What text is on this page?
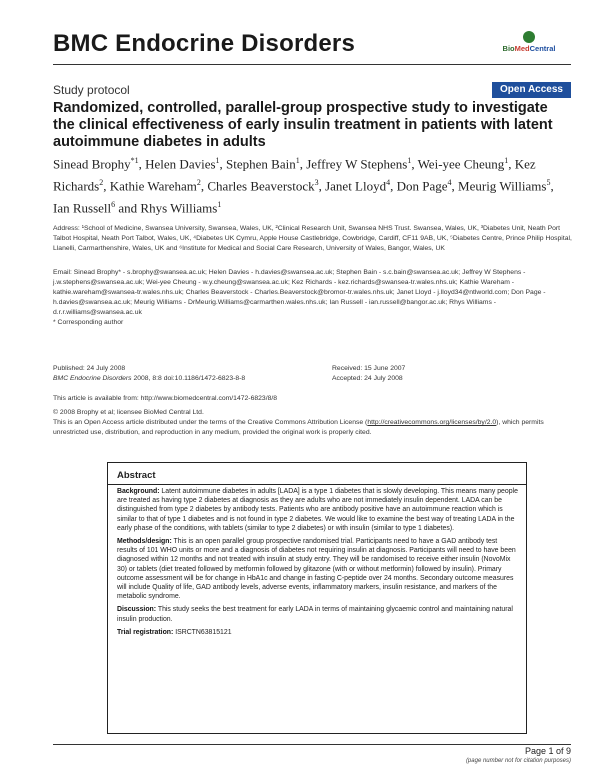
BMC Endocrine Disorders	BioMedCentral
Study protocol	Open Access
Randomized, controlled, parallel-group prospective study to investigate the clinical effectiveness of early insulin treatment in patients with latent autoimmune diabetes in adults
Sinead Brophy$^{*1}$, Helen Davies$^1$, Stephen Bain$^1$, Jeffrey W Stephens$^1$, Wei-yee Cheung$^1$, Kez Richards$^2$, Kathie Wareham$^2$, Charles Beaverstock$^3$, Janet Lloyd$^4$, Don Page$^4$, Meurig Williams$^5$, Ian Russell$^6$ and Rhys Williams$^1$
Address: ¹School of Medicine, Swansea University, Swansea, Wales, UK, ²Clinical Research Unit, Swansea NHS Trust. Swansea, Wales, UK, ³Diabetes Unit, Neath Port Talbot Hospital, Neath Port Talbot, Wales, UK, ⁴Diabetes UK Cymru, Apple House Castlebridge, Cowbridge, Cardiff, CF11 9AB, UK, ⁵Diabetes Centre, Prince Philip Hospital, Llanelli, Carmarthenshire, Wales, UK and ⁶Institute for Medical and Social Care Research, University of Wales, Bangor, Wales, UK
Email: Sinead Brophy* - s.brophy@swansea.ac.uk; Helen Davies - h.davies@swansea.ac.uk; Stephen Bain - s.c.bain@swansea.ac.uk; Jeffrey W Stephens - j.w.stephens@swansea.ac.uk; Wei-yee Cheung - w.y.cheung@swansea.ac.uk; Kez Richards - kez.richards@swansea-tr.wales.nhs.uk; Kathie Wareham - kathie.wareham@swansea-tr.wales.nhs.uk; Charles Beaverstock - Charles.Beaverstock@bromor-tr.wales.nhs.uk; Janet Lloyd - j.lloyd34@ntlworld.com; Don Page - h.davies@swansea.ac.uk; Meurig Williams - DrMeurig.Williams@carmarthen.wales.nhs.uk; Ian Russell - ian.russell@bangor.ac.uk; Rhys Williams - d.r.r.williams@swansea.ac.uk
* Corresponding author
Published: 24 July 2008
BMC Endocrine Disorders 2008, 8:8 doi:10.1186/1472-6823-8-8
Received: 15 June 2007
Accepted: 24 July 2008
This article is available from: http://www.biomedcentral.com/1472-6823/8/8
© 2008 Brophy et al; licensee BioMed Central Ltd.
This is an Open Access article distributed under the terms of the Creative Commons Attribution License (http://creativecommons.org/licenses/by/2.0), which permits unrestricted use, distribution, and reproduction in any medium, provided the original work is properly cited.
Abstract

Background: Latent autoimmune diabetes in adults [LADA] is a type 1 diabetes that is slowly developing. This means many people are treated as having type 2 diabetes at diagnosis as they are adults who are not immediately insulin dependent. LADA can be distinguished from type 2 diabetes by antibody tests. Patients who are antibody positive have an autoimmune reaction which is similar to that of type 1 diabetes and is not found in type 2 diabetes. We would like to examine the best way of treating LADA in the early phase of the conditions, with tablets (similar to type 2 diabetes) or with insulin (similar to type 1 diabetes).

Methods/design: This is an open parallel group prospective randomised trial. Participants need to have a GAD antibody test results of 101 WHO units or more and a diagnosis of diabetes not requiring insulin at diagnosis. Participants will need to have been diagnosed within 12 months and not treated with insulin at study entry. They will be randomised to receive either insulin (NovoMix 30) or tablets (diet treated followed by metformin followed by glitazone (with or without metformin) followed by insulin). Primary outcome assessment will be for change in HbA1c and change in fasting C-peptide over 24 months. Secondary outcome measures will include Quality of life, GAD antibody levels, adverse events, inflammatory markers, insulin resistance, and markers of the metabolic syndrome.

Discussion: This study seeks the best treatment for early LADA in terms of maintaining glycaemic control and maintaining natural insulin production.

Trial registration: ISRCTN63815121

Page 1 of 9
(page number not for citation purposes)
